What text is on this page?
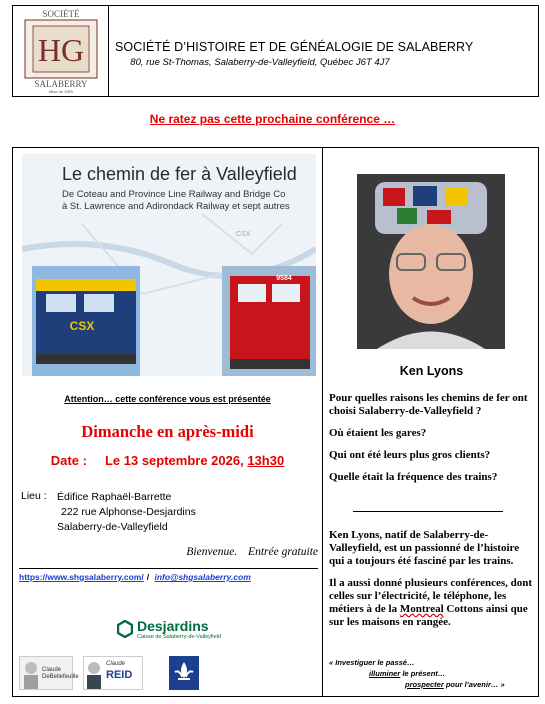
SOCIÉTÉ
HG
SALABERRY
Mise de 1999
SOCIÉTÉ D’HISTOIRE ET DE GÉNÉALOGIE DE SALABERRY
80, rue St-Thomas, Salaberry-de-Valleyfield, Québec J6T 4J7
Ne ratez pas cette prochaine conférence …
CSX
CSX
9584
Le chemin de fer à Valleyfield
De Coteau and Province Line Railway and Bridge Co
à St. Lawrence and Adirondack Railway et sept autres
Attention… cette conférence vous est présentée
Dimanche en après-midi
Date : Le 13 septembre 2026, 13h30
Lieu : Édifice Raphaël-Barrette
222 rue Alphonse-Desjardins
Salaberry-de-Valleyfield
Bienvenue. Entrée gratuite
https://www.shgsalaberry.com/ / info@shgsalaberry.com
Desjardins
Caisse de Salaberry-de-Valleyfield
Claude DeBellefeuille
Claude
REID
Ken Lyons

Pour quelles raisons les chemins de fer ont choisi Salaberry-de-Valleyfield ?

Où étaient les gares?

Qui ont été leurs plus gros clients?

Quelle était la fréquence des trains?

Ken Lyons, natif de Salaberry-de-Valleyfield, est un passionné de l’histoire qui a toujours été fasciné par les trains.

Il a aussi donné plusieurs conférences, dont celles sur l’électricité, le téléphone, les métiers à de la Montreal Cottons ainsi que sur les maisons en rangée.

« Investiguer le passé…
illuminer le présent…
prospecter pour l’avenir… »
